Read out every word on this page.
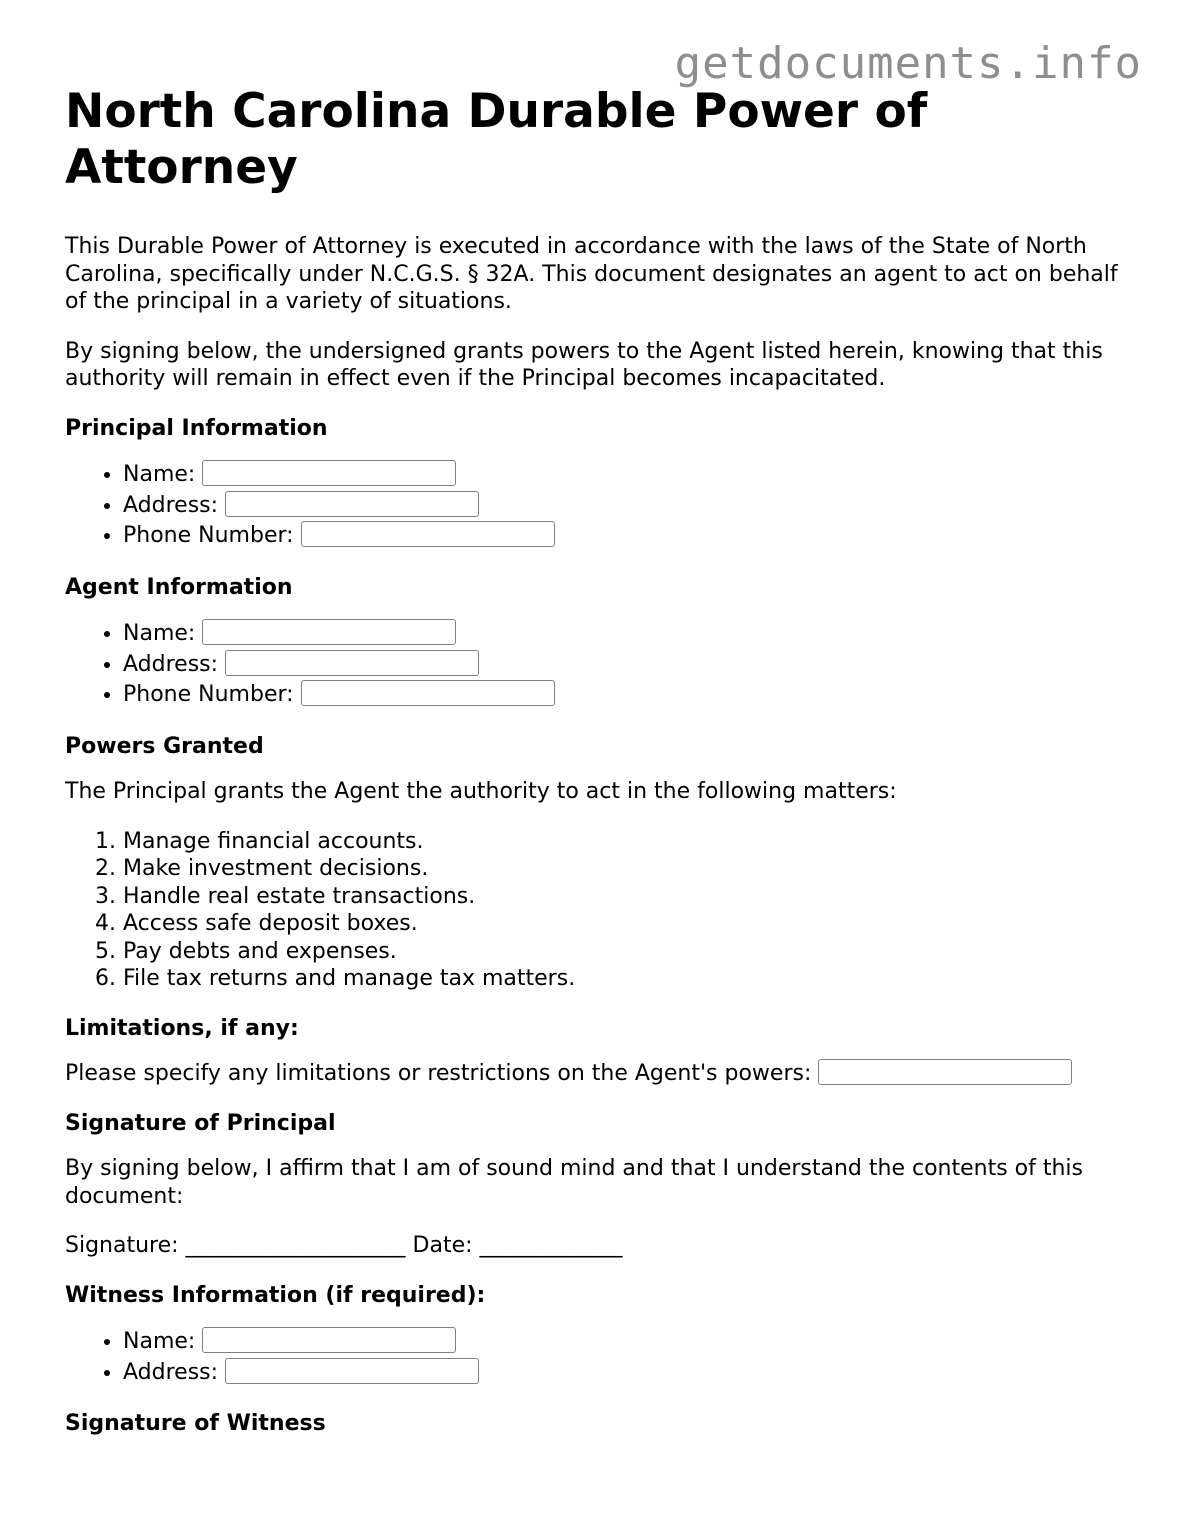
getdocuments.info
North Carolina Durable Power of Attorney

This Durable Power of Attorney is executed in accordance with the laws of the State of North Carolina, specifically under N.C.G.S. § 32A. This document designates an agent to act on behalf of the principal in a variety of situations.

By signing below, the undersigned grants powers to the Agent listed herein, knowing that this authority will remain in effect even if the Principal becomes incapacitated.

Principal Information
• Name:
• Address:
• Phone Number:
Agent Information
• Name:
• Address:
• Phone Number:
Powers Granted

The Principal grants the Agent the authority to act in the following matters:

1. Manage financial accounts.
2. Make investment decisions.
3. Handle real estate transactions.
4. Access safe deposit boxes.
5. Pay debts and expenses.
6. File tax returns and manage tax matters.
Limitations, if any:

Please specify any limitations or restrictions on the Agent's powers:

Signature of Principal

By signing below, I affirm that I am of sound mind and that I understand the contents of this document:

Signature: ____________________ Date: _____________

Witness Information (if required):
• Name:
• Address:
Signature of Witness
